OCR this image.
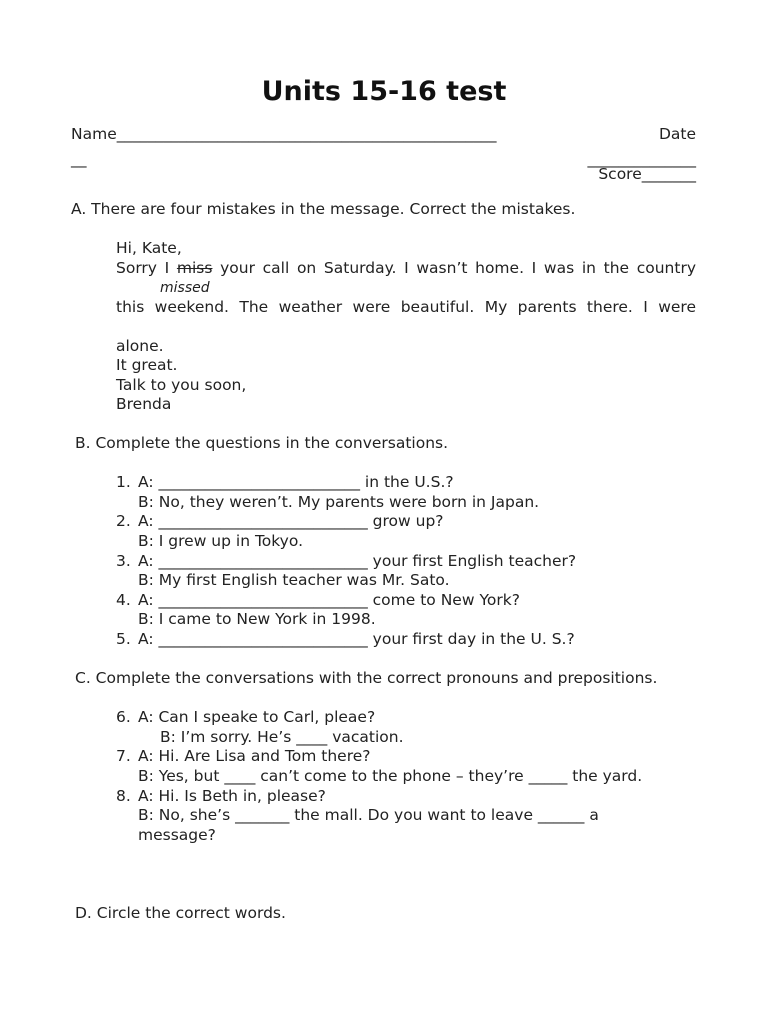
Units 15-16 test
Name_________________________________________________	Date
__	______________
Score_______
A. There are four mistakes in the message. Correct the mistakes.
Hi, Kate,
Sorry I miss your call on Saturday. I wasn’t home. I was in the country
missed
this weekend. The weather were beautiful. My parents there. I were
alone.
It great.
Talk to you soon,
Brenda
B. Complete the questions in the conversations.
1. A: __________________________ in the U.S.?
B: No, they weren’t. My parents were born in Japan.
2. A: ___________________________ grow up?
B: I grew up in Tokyo.
3. A: ___________________________ your first English teacher?
B: My first English teacher was Mr. Sato.
4. A: ___________________________ come to New York?
B: I came to New York in 1998.
5. A: ___________________________ your first day in the U. S.?
C. Complete the conversations with the correct pronouns and prepositions.
6. A: Can I speake to Carl, pleae?
B: I’m sorry. He’s ____ vacation.
7. A: Hi. Are Lisa and Tom there?
B: Yes, but ____ can’t come to the phone – they’re _____ the yard.
8. A: Hi. Is Beth in, please?
B: No, she’s _______ the mall. Do you want to leave ______ a
message?
D. Circle the correct words.
